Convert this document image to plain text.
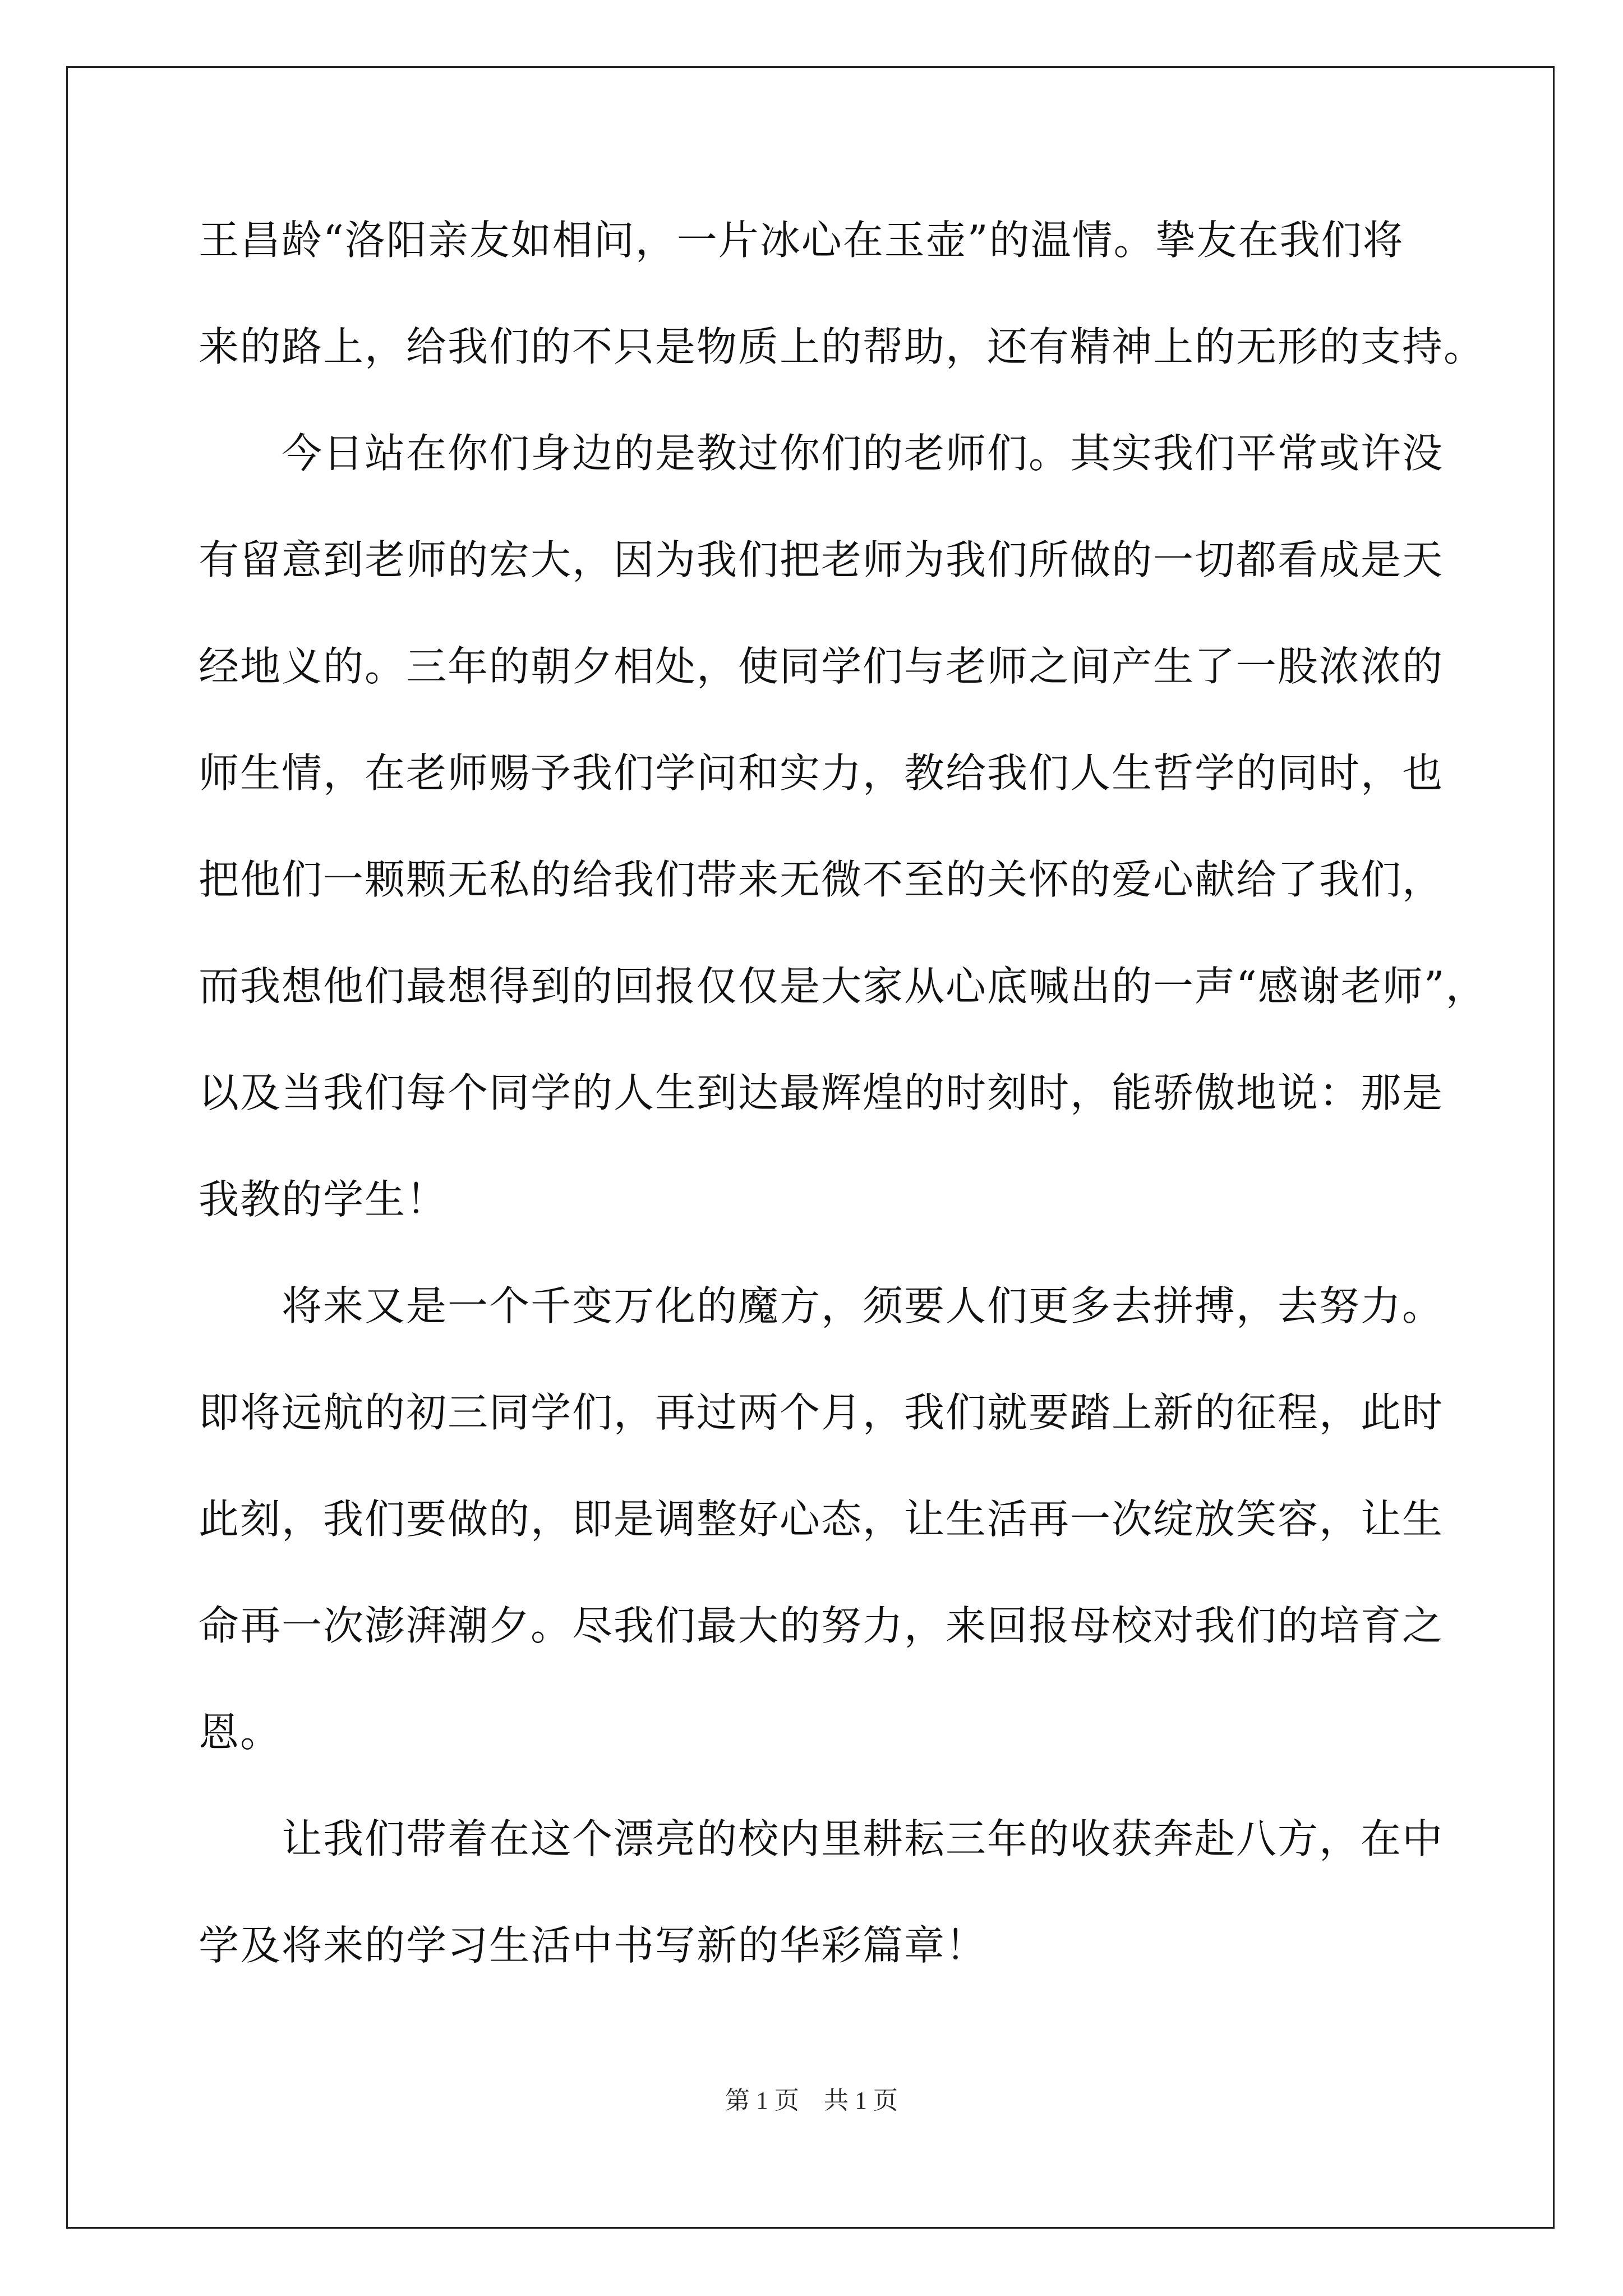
王昌龄“洛阳亲友如相问，一片冰心在玉壶”的温情。挚友在我们将
来的路上，给我们的不只是物质上的帮助，还有精神上的无形的支持。
今日站在你们身边的是教过你们的老师们。其实我们平常或许没
有留意到老师的宏大，因为我们把老师为我们所做的一切都看成是天
经地义的。三年的朝夕相处，使同学们与老师之间产生了一股浓浓的
师生情，在老师赐予我们学问和实力，教给我们人生哲学的同时，也
把他们一颗颗无私的给我们带来无微不至的关怀的爱心献给了我们，
而我想他们最想得到的回报仅仅是大家从心底喊出的一声“感谢老师”，
以及当我们每个同学的人生到达最辉煌的时刻时，能骄傲地说：那是
我教的学生！
将来又是一个千变万化的魔方，须要人们更多去拼搏，去努力。
即将远航的初三同学们，再过两个月，我们就要踏上新的征程，此时
此刻，我们要做的，即是调整好心态，让生活再一次绽放笑容，让生
命再一次澎湃潮夕。尽我们最大的努力，来回报母校对我们的培育之
恩。
让我们带着在这个漂亮的校内里耕耘三年的收获奔赴八方，在中
学及将来的学习生活中书写新的华彩篇章！
第 1 页　共 1 页
